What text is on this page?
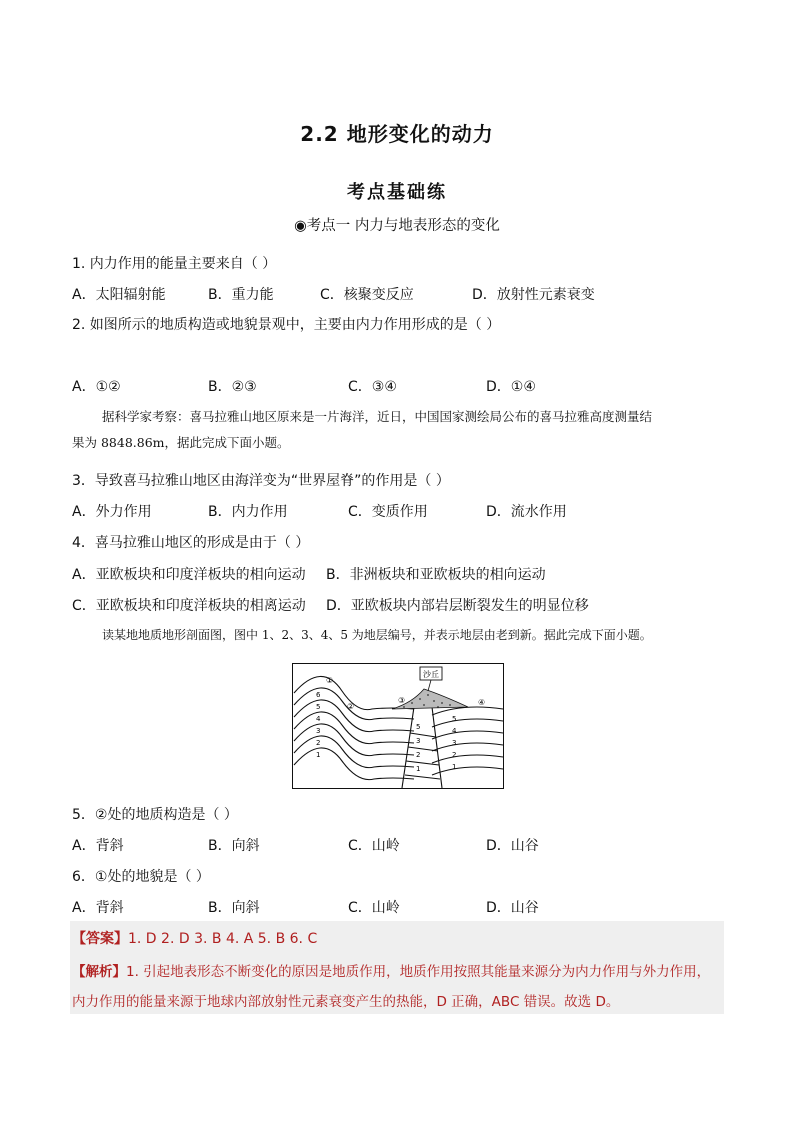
2.2 地形变化的动力
考点基础练
◉考点一 内力与地表形态的变化
1. 内力作用的能量主要来自（ ）
A．太阳辐射能	B．重力能	C．核聚变反应	D．放射性元素衰变
2. 如图所示的地质构造或地貌景观中，主要由内力作用形成的是（ ）
A．①②	B．②③	C．③④	D．①④
据科学家考察：喜马拉雅山地区原来是一片海洋，近日，中国国家测绘局公布的喜马拉雅高度测量结
果为 8848.86m，据此完成下面小题。
3．导致喜马拉雅山地区由海洋变为“世界屋脊”的作用是（ ）
A．外力作用	B．内力作用	C．变质作用	D．流水作用
4．喜马拉雅山地区的形成是由于（ ）
A．亚欧板块和印度洋板块的相向运动 B．非洲板块和亚欧板块的相向运动
C．亚欧板块和印度洋板块的相离运动 D．亚欧板块内部岩层断裂发生的明显位移
读某地地质地形剖面图，图中 1、2、3、4、5 为地层编号，并表示地层由老到新。据此完成下面小题。
沙丘
①
②
③	④
6
5
4
3
2
1
5
3
2
1
5
4
3
2
1
5．②处的地质构造是（ ）
A．背斜	B．向斜	C．山岭	D．山谷
6．①处的地貌是（ ）
A．背斜	B．向斜	C．山岭	D．山谷
【答案】1. D 2. D 3. B 4. A 5. B 6. C
【解析】1. 引起地表形态不断变化的原因是地质作用，地质作用按照其能量来源分为内力作用与外力作用，
内力作用的能量来源于地球内部放射性元素衰变产生的热能，D 正确，ABC 错误。故选 D。
